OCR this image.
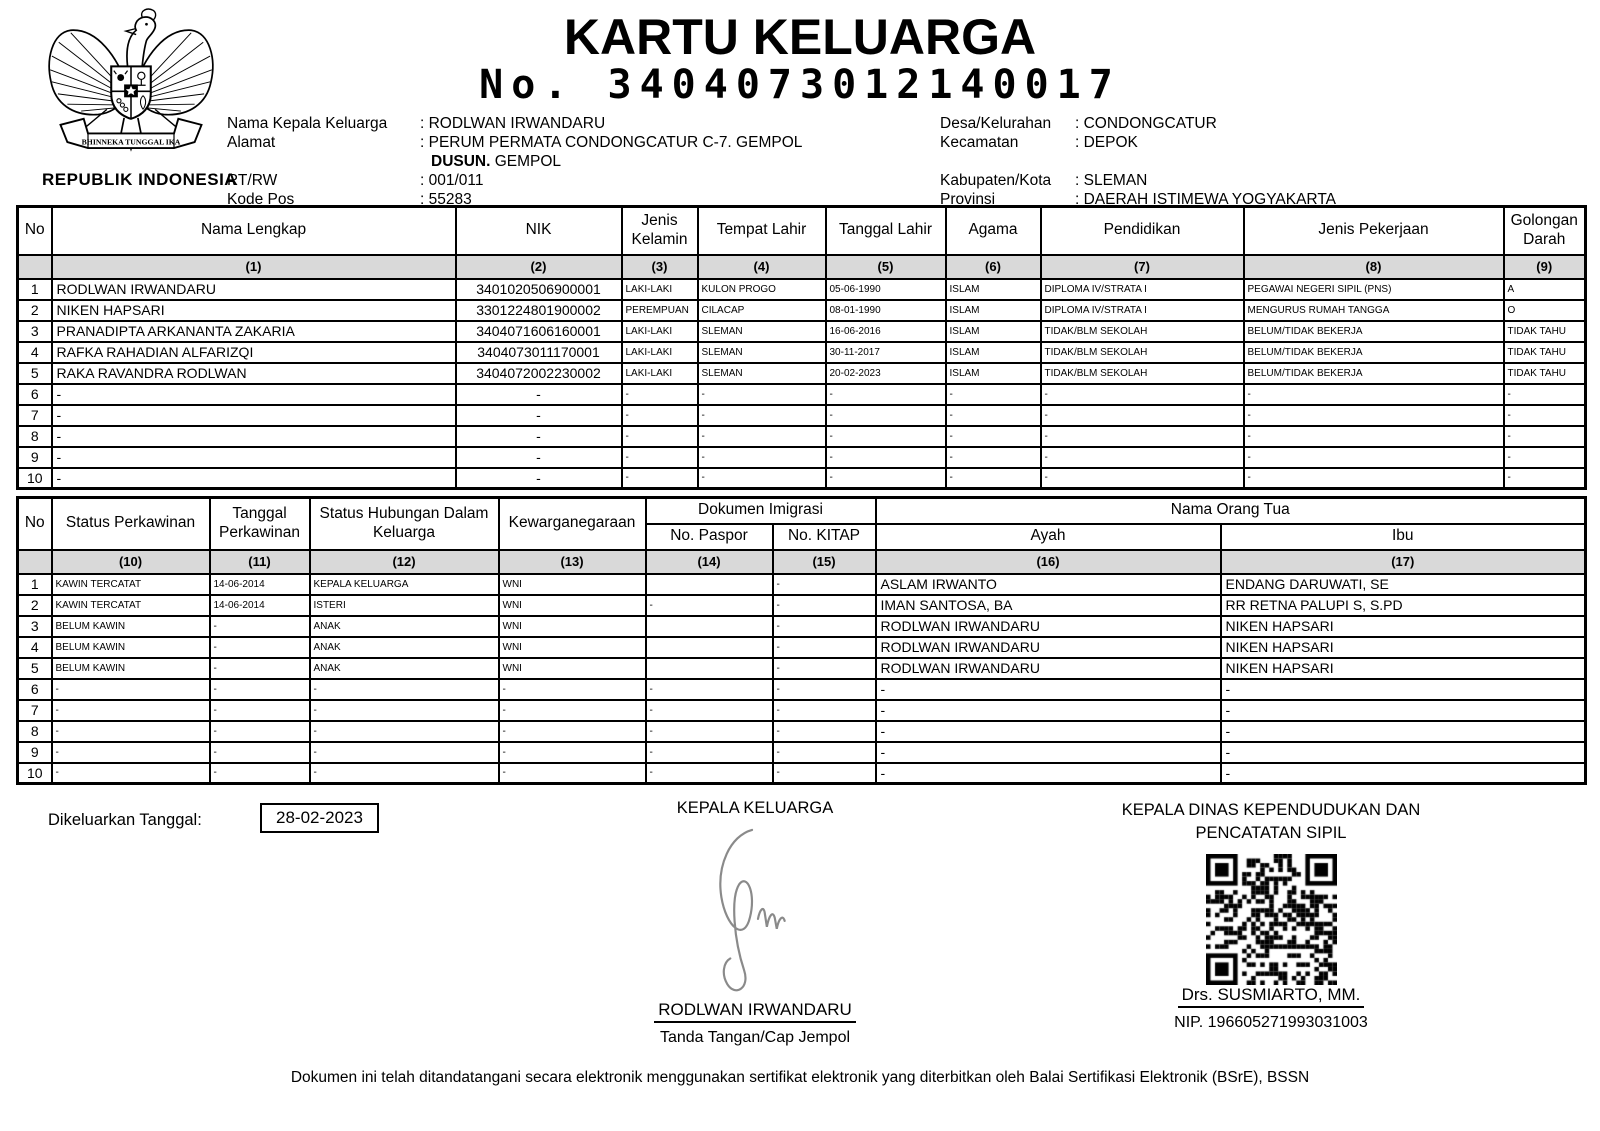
BHINNEKA TUNGGAL IKA
REPUBLIK INDONESIA
KARTU KELUARGA
No. 3404073012140017
Nama Kepala Keluarga : RODLWAN IRWANDARU
Alamat	: PERUM PERMATA CONDONGCATUR C-7. GEMPOL
DUSUN. GEMPOL
RT/RW	: 001/011
Kode Pos	: 55283
Desa/Kelurahan : CONDONGCATUR
Kecamatan	: DEPOK

Kabupaten/Kota : SLEMAN
Provinsi	: DAERAH ISTIMEWA YOGYAKARTA
No	Nama Lengkap	NIK	Jenis Kelamin	Tempat Lahir	Tanggal Lahir	Agama	Pendidikan	Jenis Pekerjaan	Golongan Darah
	(1)	(2)	(3)	(4)	(5)	(6)	(7)	(8)	(9)
1	RODLWAN IRWANDARU	3401020506900001	LAKI-LAKI	KULON PROGO	05-06-1990	ISLAM	DIPLOMA IV/STRATA I	PEGAWAI NEGERI SIPIL (PNS)	A
2	NIKEN HAPSARI	3301224801900002	PEREMPUAN	CILACAP	08-01-1990	ISLAM	DIPLOMA IV/STRATA I	MENGURUS RUMAH TANGGA	O
3	PRANADIPTA ARKANANTA ZAKARIA	3404071606160001	LAKI-LAKI	SLEMAN	16-06-2016	ISLAM	TIDAK/BLM SEKOLAH	BELUM/TIDAK BEKERJA	TIDAK TAHU
4	RAFKA RAHADIAN ALFARIZQI	3404073011170001	LAKI-LAKI	SLEMAN	30-11-2017	ISLAM	TIDAK/BLM SEKOLAH	BELUM/TIDAK BEKERJA	TIDAK TAHU
5	RAKA RAVANDRA RODLWAN	3404072002230002	LAKI-LAKI	SLEMAN	20-02-2023	ISLAM	TIDAK/BLM SEKOLAH	BELUM/TIDAK BEKERJA	TIDAK TAHU
6	-	-	-	-	-	-	-	-	-
7	-	-	-	-	-	-	-	-	-
8	-	-	-	-	-	-	-	-	-
9	-	-	-	-	-	-	-	-	-
10	-	-	-	-	-	-	-	-	-
No	Status Perkawinan	Tanggal Perkawinan	Status Hubungan Dalam Keluarga	Kewarganegaraan	Dokumen Imigrasi		Nama Orang Tua	
					No. Paspor	No. KITAP	Ayah	Ibu
	(10)	(11)	(12)	(13)	(14)	(15)	(16)	(17)
1	KAWIN TERCATAT	14-06-2014	KEPALA KELUARGA	WNI		-	ASLAM IRWANTO	ENDANG DARUWATI, SE
2	KAWIN TERCATAT	14-06-2014	ISTERI	WNI	-	-	IMAN SANTOSA, BA	RR RETNA PALUPI S, S.PD
3	BELUM KAWIN	-	ANAK	WNI		-	RODLWAN IRWANDARU	NIKEN HAPSARI
4	BELUM KAWIN	-	ANAK	WNI		-	RODLWAN IRWANDARU	NIKEN HAPSARI
5	BELUM KAWIN	-	ANAK	WNI		-	RODLWAN IRWANDARU	NIKEN HAPSARI
6	-	-	-	-	-	-	-	-
7	-	-	-	-	-	-	-	-
8	-	-	-	-	-	-	-	-
9	-	-	-	-	-	-	-	-
10	-	-	-	-	-	-	-	-
Dikeluarkan Tanggal:	28-02-2023	KEPALA KELUARGA
RODLWAN IRWANDARU
Tanda Tangan/Cap Jempol
KEPALA DINAS KEPENDUDUKAN DAN
PENCATATAN SIPIL
Drs. SUSMIARTO, MM.
NIP. 196605271993031003
Dokumen ini telah ditandatangani secara elektronik menggunakan sertifikat elektronik yang diterbitkan oleh Balai Sertifikasi Elektronik (BSrE), BSSN
